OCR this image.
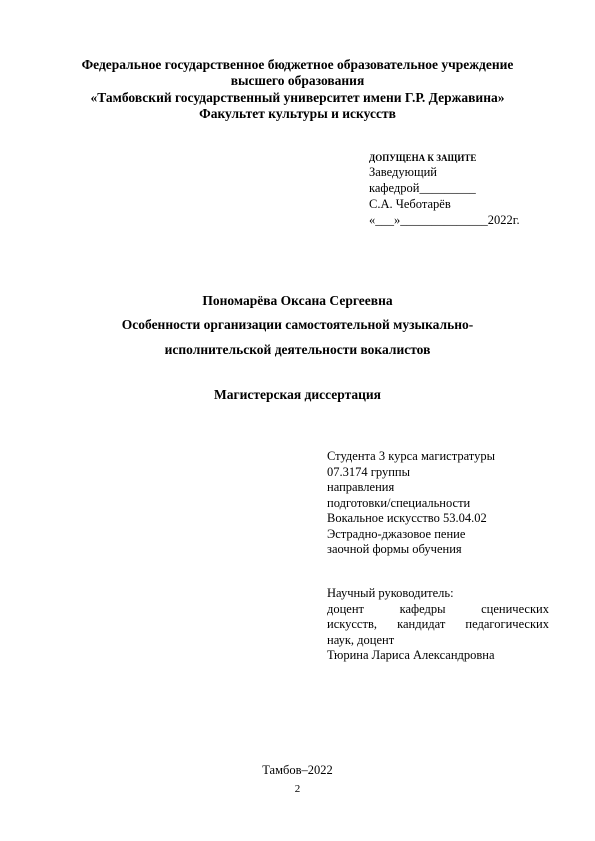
Федеральное государственное бюджетное образовательное учреждение
высшего образования
«Тамбовский государственный университет имени Г.Р. Державина»
Факультет культуры и искусств
ДОПУЩЕНА К ЗАЩИТЕ
Заведующий
кафедрой_________
С.А. Чеботарёв
«___»______________2022г.
Пономарёва Оксана Сергеевна
Особенности организации самостоятельной музыкально-
исполнительской деятельности вокалистов
Магистерская диссертация
Студента 3 курса магистратуры
07.3174 группы
направления
подготовки/специальности
Вокальное искусство 53.04.02
Эстрадно-джазовое пение
заочной формы обучения
Научный руководитель:
доцент кафедры сценических
искусств, кандидат педагогических
наук, доцент
Тюрина Лариса Александровна
Тамбов–2022
2
